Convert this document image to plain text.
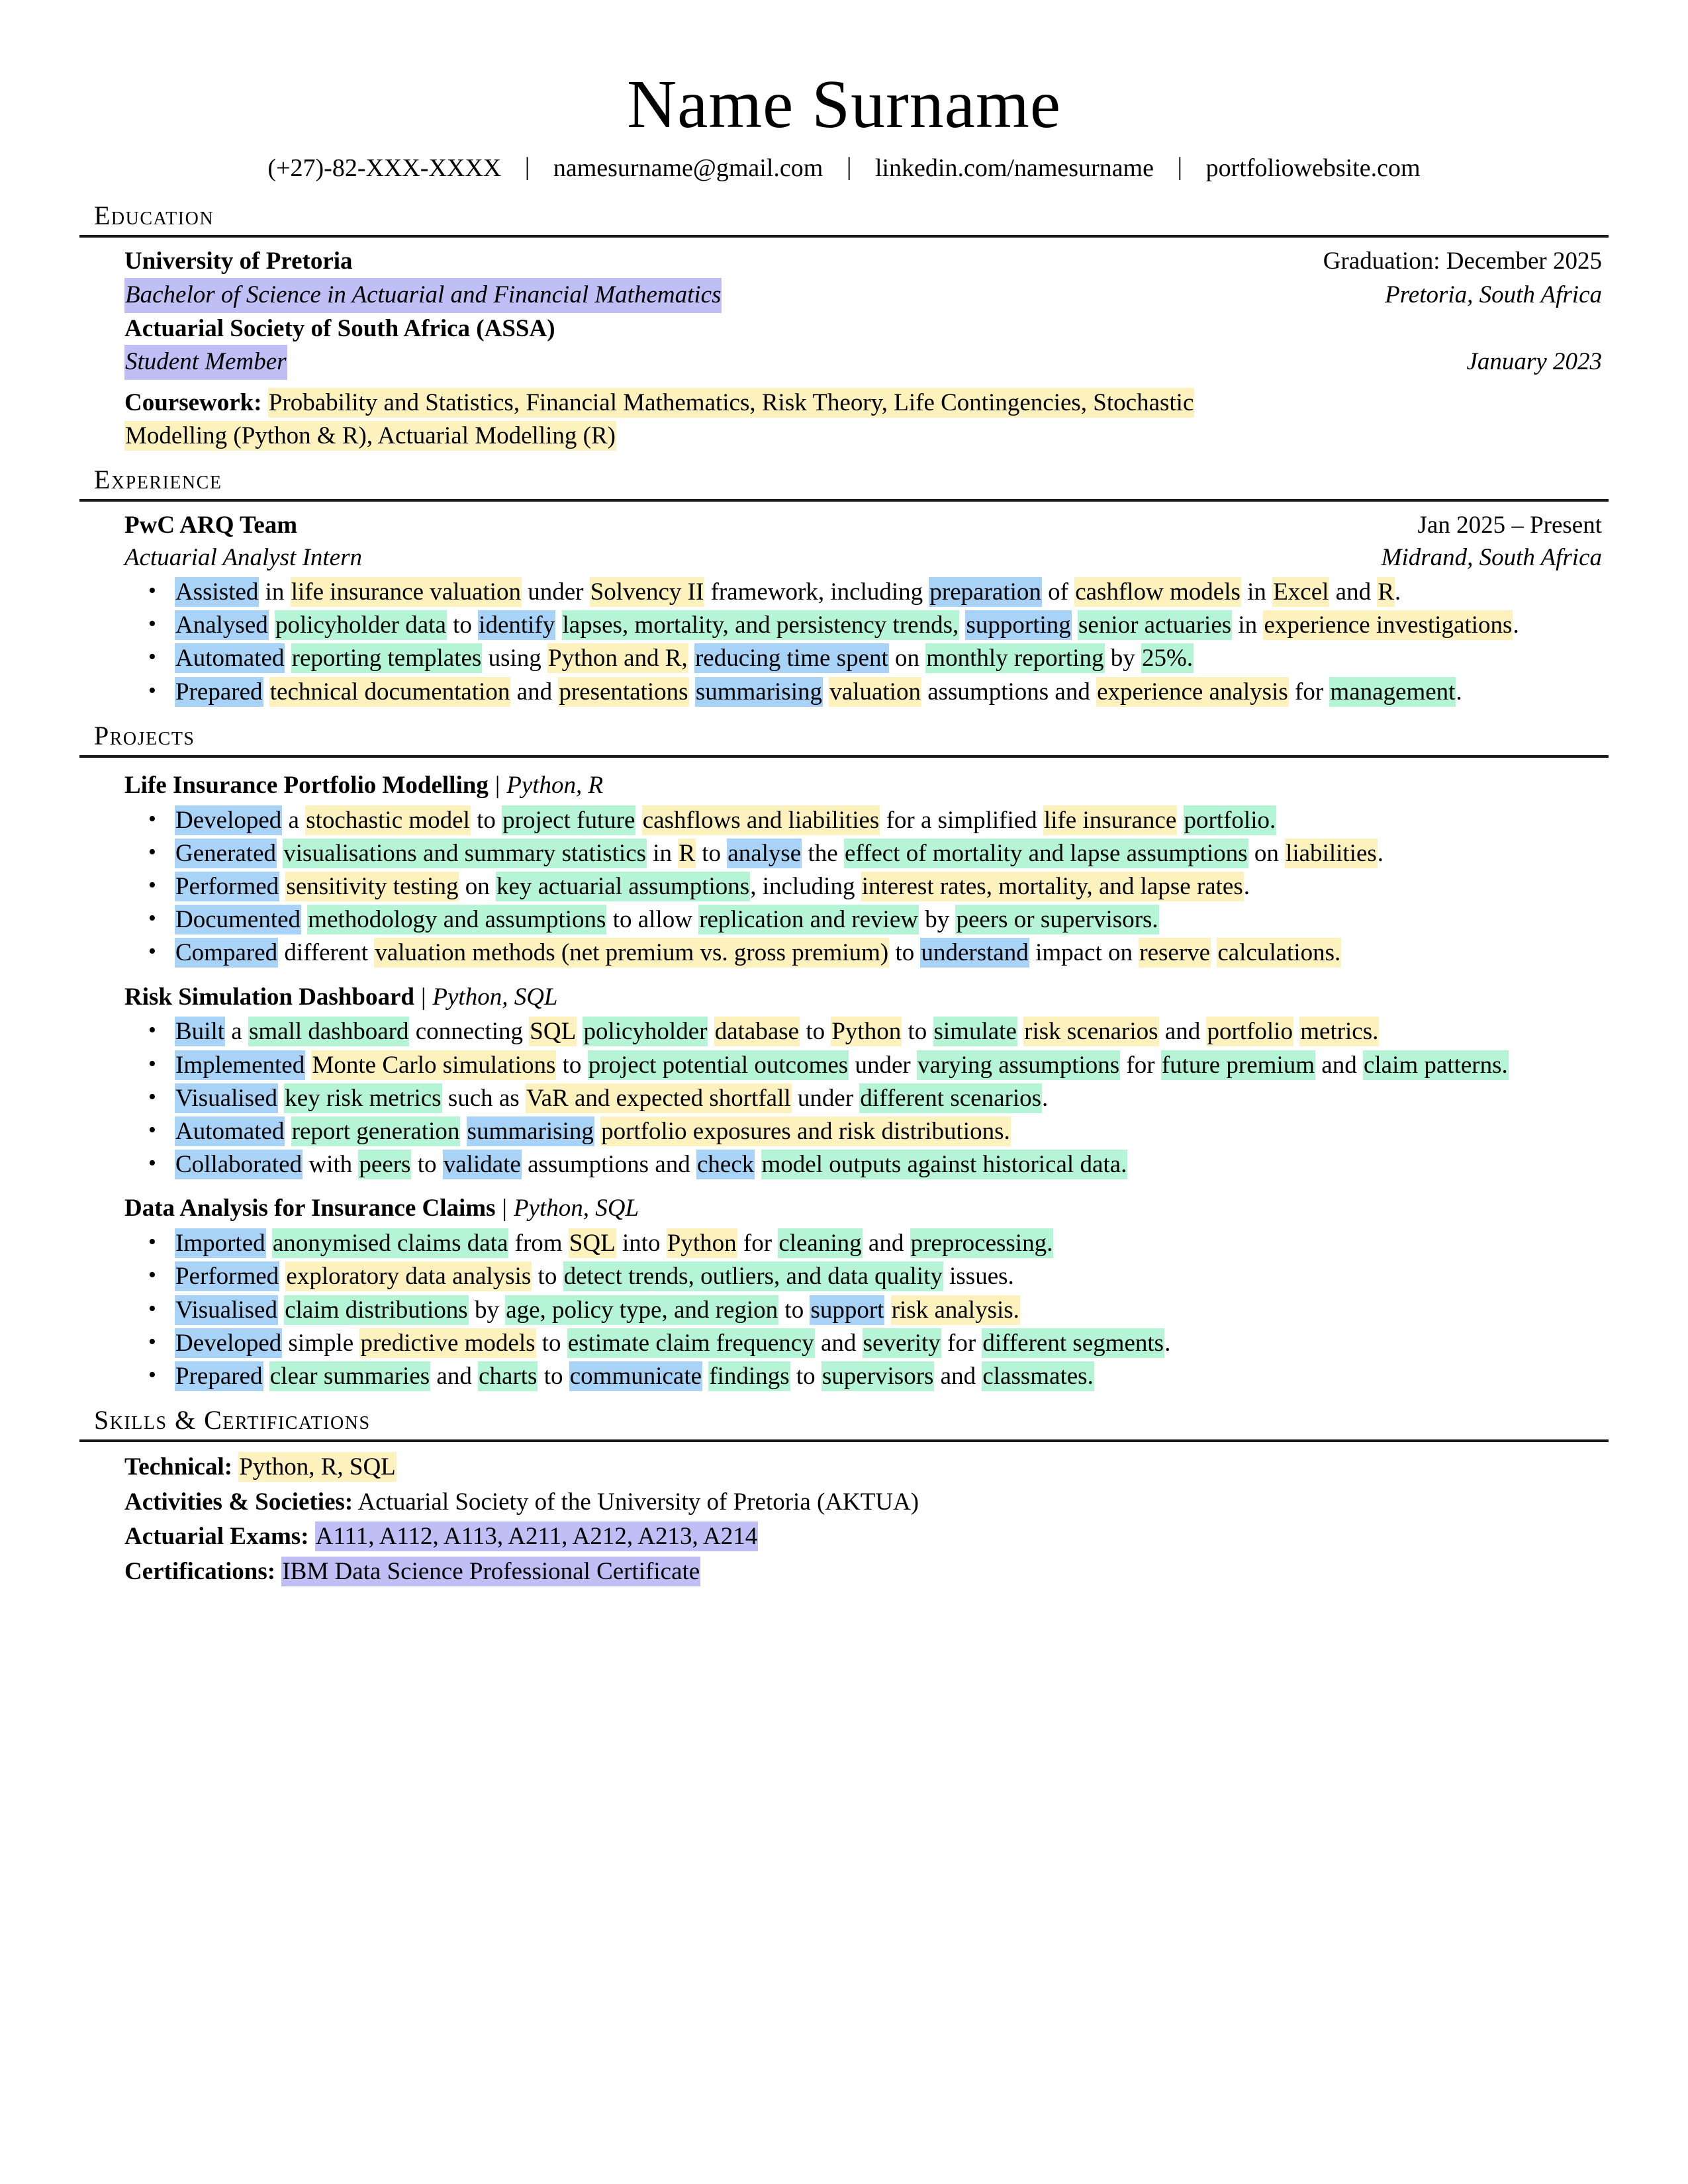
Name Surname
(+27)-82-XXX-XXXX | namesurname@gmail.com | linkedin.com/namesurname | portfoliowebsite.com
Education
University of Pretoria	Graduation: December 2025
Bachelor of Science in Actuarial and Financial Mathematics	Pretoria, South Africa
Actuarial Society of South Africa (ASSA)
Student Member	January 2023
Coursework: Probability and Statistics, Financial Mathematics, Risk Theory, Life Contingencies, Stochastic
Modelling (Python & R), Actuarial Modelling (R)
Experience
PwC ARQ Team	Jan 2025 – Present
Actuarial Analyst Intern	Midrand, South Africa
• Assisted in life insurance valuation under Solvency II framework, including preparation of cashflow models in Excel and R.
• Analysed policyholder data to identify lapses, mortality, and persistency trends, supporting senior actuaries in experience investigations.
• Automated reporting templates using Python and R, reducing time spent on monthly reporting by 25%.
• Prepared technical documentation and presentations summarising valuation assumptions and experience analysis for management.
Projects
Life Insurance Portfolio Modelling | Python, R
• Developed a stochastic model to project future cashflows and liabilities for a simplified life insurance portfolio.
• Generated visualisations and summary statistics in R to analyse the effect of mortality and lapse assumptions on liabilities.
• Performed sensitivity testing on key actuarial assumptions, including interest rates, mortality, and lapse rates.
• Documented methodology and assumptions to allow replication and review by peers or supervisors.
• Compared different valuation methods (net premium vs. gross premium) to understand impact on reserve calculations.
Risk Simulation Dashboard | Python, SQL
• Built a small dashboard connecting SQL policyholder database to Python to simulate risk scenarios and portfolio metrics.
• Implemented Monte Carlo simulations to project potential outcomes under varying assumptions for future premium and claim patterns.
• Visualised key risk metrics such as VaR and expected shortfall under different scenarios.
• Automated report generation summarising portfolio exposures and risk distributions.
• Collaborated with peers to validate assumptions and check model outputs against historical data.
Data Analysis for Insurance Claims | Python, SQL
• Imported anonymised claims data from SQL into Python for cleaning and preprocessing.
• Performed exploratory data analysis to detect trends, outliers, and data quality issues.
• Visualised claim distributions by age, policy type, and region to support risk analysis.
• Developed simple predictive models to estimate claim frequency and severity for different segments.
• Prepared clear summaries and charts to communicate findings to supervisors and classmates.
Skills & Certifications
Technical: Python, R, SQL
Activities & Societies: Actuarial Society of the University of Pretoria (AKTUA)
Actuarial Exams: A111, A112, A113, A211, A212, A213, A214
Certifications: IBM Data Science Professional Certificate
